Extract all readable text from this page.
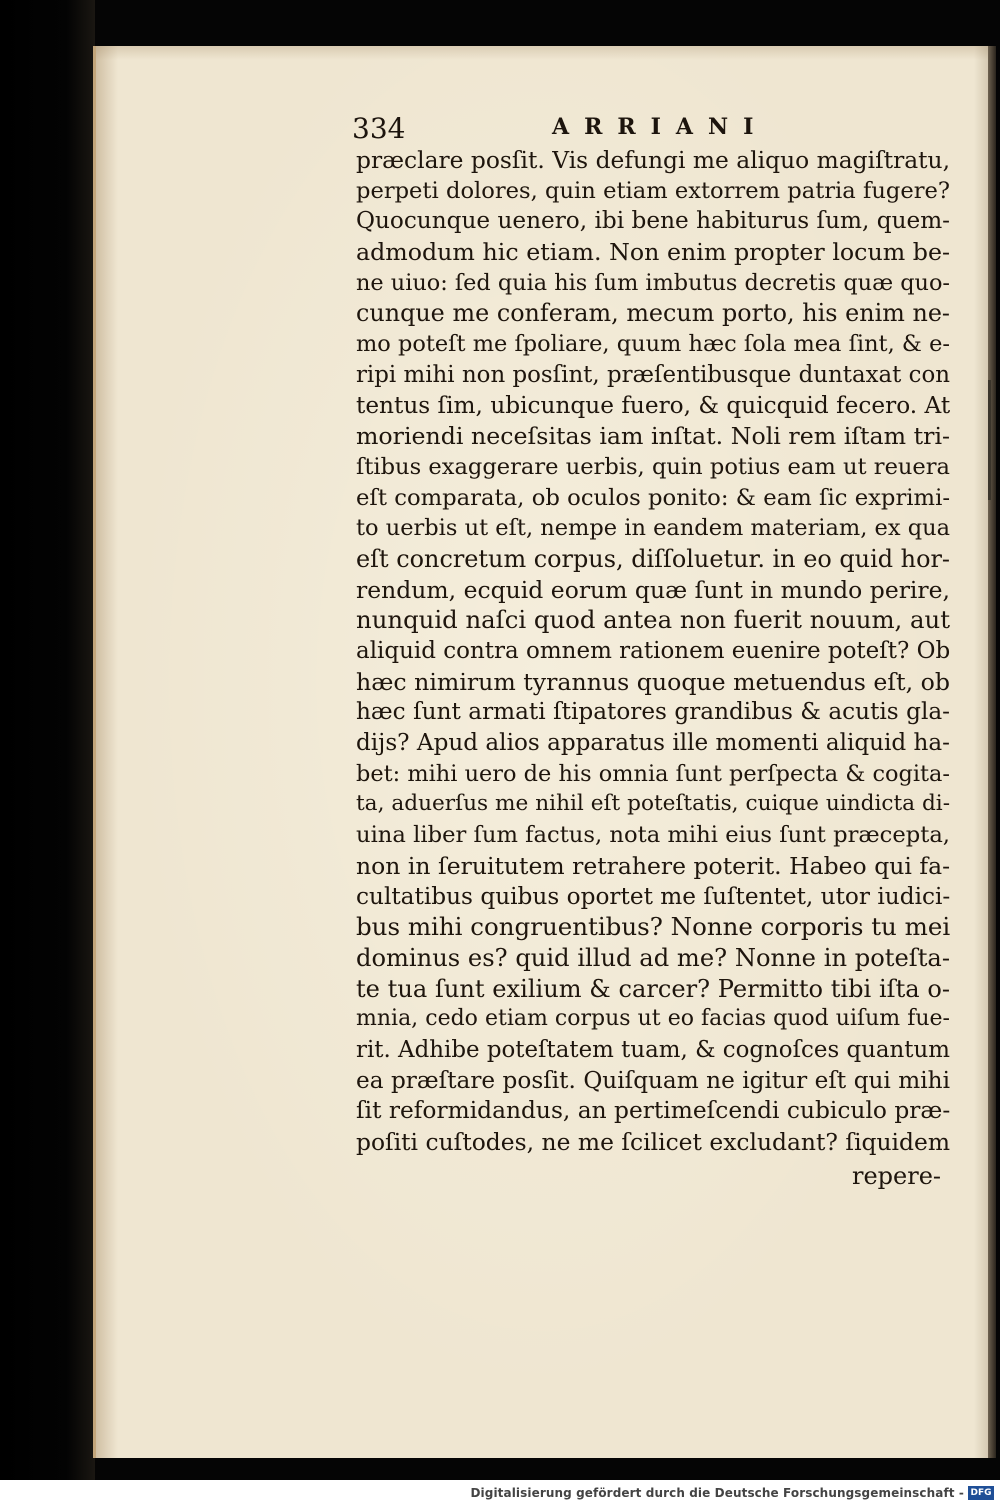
334	ARRIANI
præclare posſit. Vis defungi me aliquo magiſtratu,
perpeti dolores, quin etiam extorrem patria fugere?
Quocunque uenero, ibi bene habiturus ſum, quem-
admodum hic etiam. Non enim propter locum be-
ne uiuo: ſed quia his ſum imbutus decretis quæ quo-
cunque me conferam, mecum porto, his enim ne-
mo poteſt me ſpoliare, quum hæc ſola mea ſint, & e-
ripi mihi non posſint, præſentibusque duntaxat con
tentus ſim, ubicunque fuero, & quicquid fecero. At
moriendi neceſsitas iam inſtat. Noli rem iſtam tri-
ſtibus exaggerare uerbis, quin potius eam ut reuera
eſt comparata, ob oculos ponito: & eam ſic exprimi-
to uerbis ut eſt, nempe in eandem materiam, ex qua
eſt concretum corpus, diſſoluetur. in eo quid hor-
rendum, ecquid eorum quæ ſunt in mundo perire,
nunquid naſci quod antea non fuerit nouum, aut
aliquid contra omnem rationem euenire poteſt? Ob
hæc nimirum tyrannus quoque metuendus eſt, ob
hæc ſunt armati ſtipatores grandibus & acutis gla-
dijs? Apud alios apparatus ille momenti aliquid ha-
bet: mihi uero de his omnia ſunt perſpecta & cogita-
ta, aduerſus me nihil eſt poteſtatis, cuique uindicta di-
uina liber ſum factus, nota mihi eius ſunt præcepta,
non in ſeruitutem retrahere poterit. Habeo qui fa-
cultatibus quibus oportet me ſuſtentet, utor iudici-
bus mihi congruentibus? Nonne corporis tu mei
dominus es? quid illud ad me? Nonne in poteſta-
te tua ſunt exilium & carcer? Permitto tibi iſta o-
mnia, cedo etiam corpus ut eo facias quod uiſum fue-
rit. Adhibe poteſtatem tuam, & cognoſces quantum
ea præſtare posſit. Quiſquam ne igitur eſt qui mihi
ſit reformidandus, an pertimeſcendi cubiculo præ-
poſiti cuſtodes, ne me ſcilicet excludant? ſiquidem
repere-
Digitalisierung gefördert durch die Deutsche Forschungsgemeinschaft - DFG
